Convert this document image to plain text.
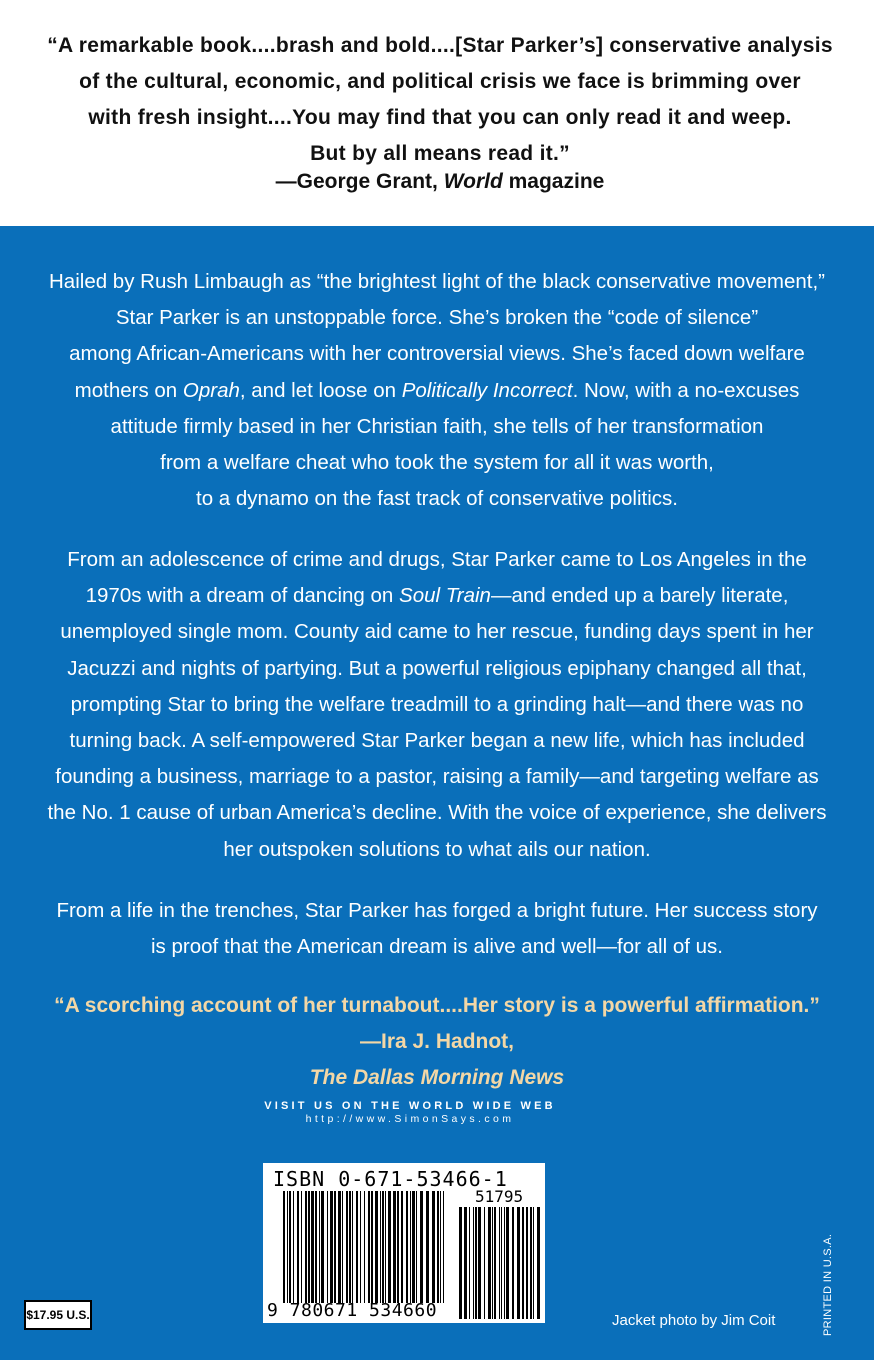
“A remarkable book....brash and bold....[Star Parker’s] conservative analysis
of the cultural, economic, and political crisis we face is brimming over
with fresh insight....You may find that you can only read it and weep.
But by all means read it.”
—George Grant, World magazine
Hailed by Rush Limbaugh as “the brightest light of the black conservative movement,”
Star Parker is an unstoppable force. She’s broken the “code of silence”
among African-Americans with her controversial views. She’s faced down welfare
mothers on Oprah, and let loose on Politically Incorrect. Now, with a no-excuses
attitude firmly based in her Christian faith, she tells of her transformation
from a welfare cheat who took the system for all it was worth,
to a dynamo on the fast track of conservative politics.
From an adolescence of crime and drugs, Star Parker came to Los Angeles in the
1970s with a dream of dancing on Soul Train—and ended up a barely literate,
unemployed single mom. County aid came to her rescue, funding days spent in her
Jacuzzi and nights of partying. But a powerful religious epiphany changed all that,
prompting Star to bring the welfare treadmill to a grinding halt—and there was no
turning back. A self-empowered Star Parker began a new life, which has included
founding a business, marriage to a pastor, raising a family—and targeting welfare as
the No. 1 cause of urban America’s decline. With the voice of experience, she delivers
her outspoken solutions to what ails our nation.
From a life in the trenches, Star Parker has forged a bright future. Her success story
is proof that the American dream is alive and well—for all of us.
“A scorching account of her turnabout....Her story is a powerful affirmation.”
—Ira J. Hadnot,
The Dallas Morning News
VISIT US ON THE WORLD WIDE WEB
http://www.SimonSays.com
ISBN 0-671-53466-1
51795
9 780671 534660
$17.95 U.S.	Jacket photo by Jim Coit	PRINTED IN U.S.A.
